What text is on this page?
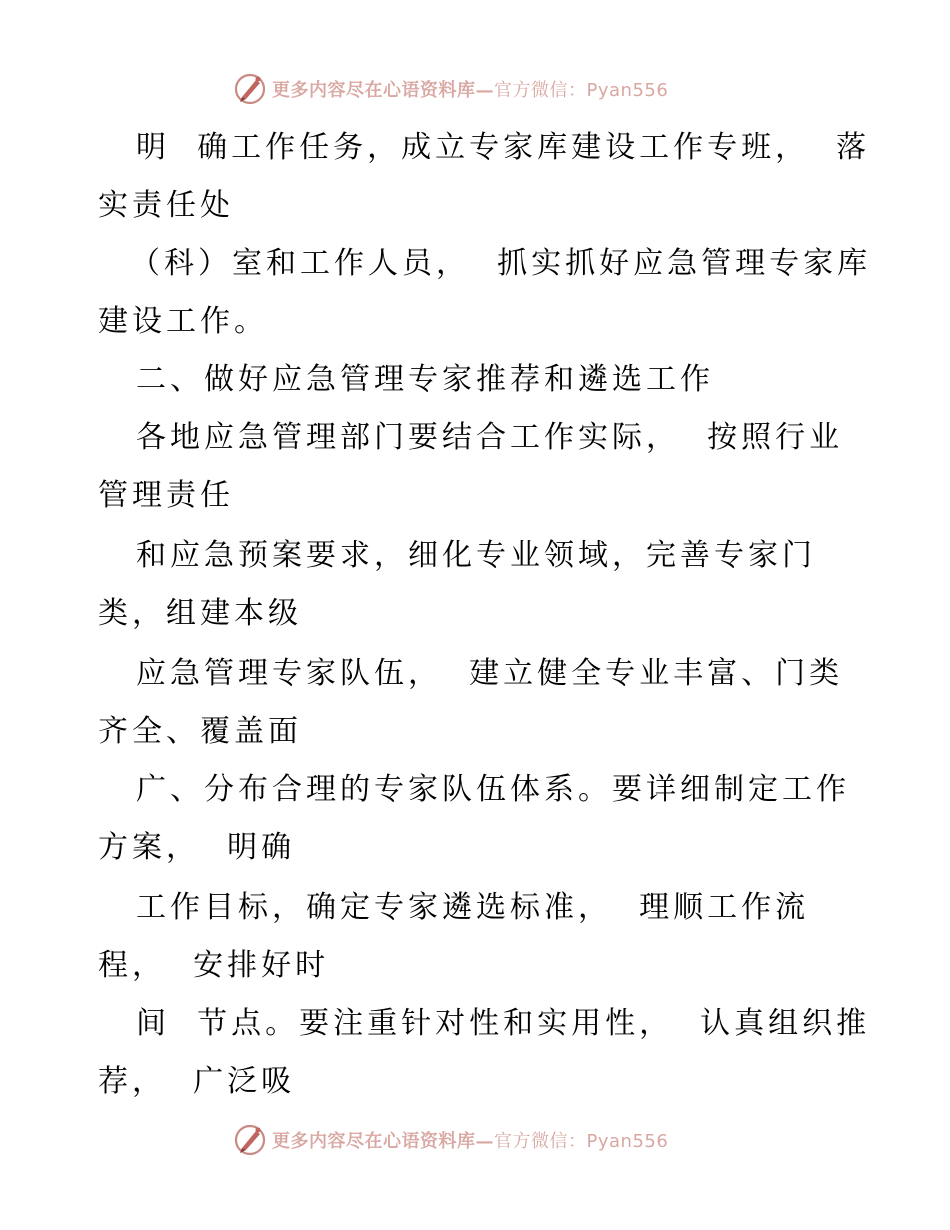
更多内容尽在心语资料库—官方微信：Pyan556
明  确工作任务，成立专家库建设工作专班，  落
实责任处
（科）室和工作人员，  抓实抓好应急管理专家库
建设工作。
二、做好应急管理专家推荐和遴选工作
各地应急管理部门要结合工作实际，  按照行业
管理责任
和应急预案要求，细化专业领域，完善专家门
类，组建本级
应急管理专家队伍，  建立健全专业丰富、门类
齐全、覆盖面
广、分布合理的专家队伍体系。要详细制定工作
方案，  明确
工作目标，确定专家遴选标准，  理顺工作流
程，  安排好时
间  节点。要注重针对性和实用性，  认真组织推
荐，  广泛吸
更多内容尽在心语资料库—官方微信：Pyan556
